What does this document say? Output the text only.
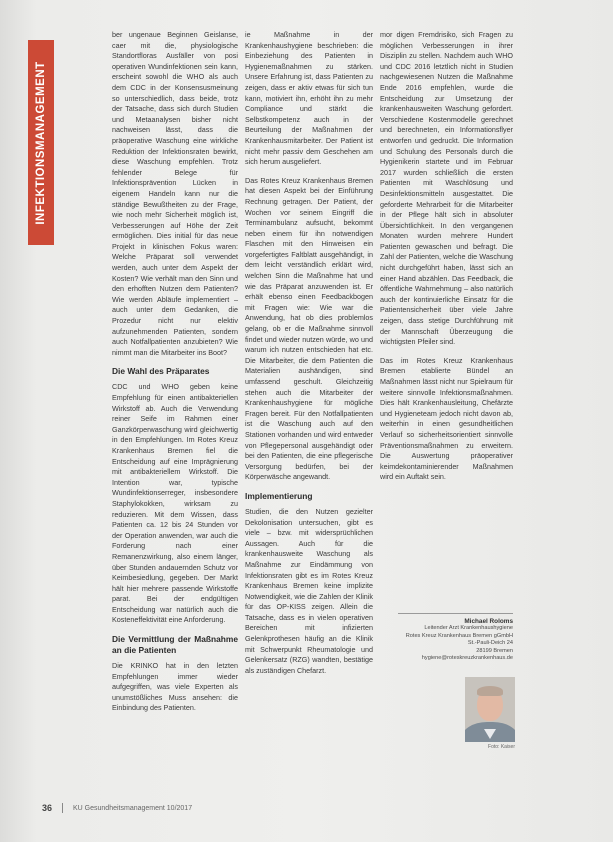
INFEKTIONSMANAGEMENT

ber ungenaue Beginnen Geislanse, caer mit die, physiologische Standortfloras Ausfäller von posi operativen Wundinfektionen sein kann, erscheint sowohl die WHO als auch dem CDC in der Konsensusmeinung so unterschiedlich, dass beide, trotz der Tatsache, dass sich durch Studien und Metaanalysen bisher nicht nachweisen lässt, dass die präoperative Waschung eine wirkliche Reduktion der Infektionsraten bewirkt, diese Waschung empfehlen. Trotz fehlender Belege für Infektionsprävention Lücken in eigenem Handeln kann nur die ständige Bewußtheiten zu der Frage, wie noch mehr Sicherheit möglich ist, Verbesserungen auf Höhe der Zeit ermöglichen. Dies initial für das neue Projekt in klinischen Fokus waren: Welche Präparat soll verwendet werden, auch unter dem Aspekt der Kosten? Wie verhält man den Sinn und den erhofften Nutzen dem Patienten? Wie werden Abläufe implementiert – auch unter dem Gedanken, die Prozedur nicht nur elektiv aufzunehmenden Patienten, sondern auch Notfallpatienten anzubieten? Wie nimmt man die Mitarbeiter ins Boot?

Die Wahl des Präparates

CDC und WHO geben keine Empfehlung für einen antibakteriellen Wirkstoff ab. Auch die Verwendung reiner Seife im Rahmen einer Ganzkörperwaschung wird gleichwertig in den Empfehlungen. Im Rotes Kreuz Krankenhaus Bremen fiel die Entscheidung auf eine Imprägnierung mit antibakteriellem Wirkstoff. Die Intention war, typische Wundinfektionserreger, insbesondere Staphylokokken, wirksam zu reduzieren. Mit dem Wissen, dass Patienten ca. 12 bis 24 Stunden vor der Operation anwenden, war auch die Forderung nach einer Remanenzwirkung, also einem länger, über Stunden andauernden Schutz vor Keimbesiedlung, gegeben. Der Markt hält hier mehrere passende Wirkstoffe parat. Bei der endgültigen Entscheidung war natürlich auch die Kosteneffektivität eine Anforderung.

Die Vermittlung der Maßnahme an die Patienten

Die KRINKO hat in den letzten Empfehlungen immer wieder aufgegriffen, was viele Experten als unumstößliches Muss ansehen: die Einbindung des Patienten.

ie Maßnahme in der Krankenhaushygiene beschrieben: die Einbeziehung des Patienten in Hygienemaßnahmen zu stärken. Unsere Erfahrung ist, dass Patienten zu zeigen, dass er aktiv etwas für sich tun kann, motiviert ihn, erhöht ihn zu mehr Compliance und stärkt die Selbstkompetenz auch in der Beurteilung der Maßnahmen der Krankenhausmitarbeiter. Der Patient ist nicht mehr passiv dem Geschehen am sich herum ausgeliefert.

Das Rotes Kreuz Krankenhaus Bremen hat diesen Aspekt bei der Einführung Rechnung getragen. Der Patient, der Wochen vor seinem Eingriff die Terminambulanz aufsucht, bekommt neben einem für ihn notwendigen Flaschen mit den Hinweisen ein vorgefertigtes Faltblatt ausgehändigt, in dem leicht verständlich erklärt wird, welchen Sinn die Maßnahme hat und wie das Präparat anzuwenden ist. Er erhält ebenso einen Feedbackbogen mit Fragen wie: Wie war die Anwendung, hat ob dies problemlos gelang, ob er die Maßnahme sinnvoll findet und wieder nutzen würde, wo und warum ich nutzen entschieden hat etc. Die Mitarbeiter, die dem Patienten die Materialien aushändigen, sind umfassend geschult. Gleichzeitig stehen auch die Mitarbeiter der Krankenhaushygiene für mögliche Fragen bereit. Für den Notfallpatienten ist die Waschung auch auf den Stationen vorhanden und wird entweder von Pflegepersonal ausgehändigt oder bei den Patienten, die eine pflegerische Versorgung bedürfen, bei der Körperwäsche angewandt.

Implementierung

Studien, die den Nutzen gezielter Dekolonisation untersuchen, gibt es viele – bzw. mit widersprüchlichen Aussagen. Auch für die krankenhausweite Waschung als Maßnahme zur Eindämmung von Infektionsraten gibt es im Rotes Kreuz Krankenhaus Bremen keine implizite Notwendigkeit, wie die Zahlen der Klinik für das OP-KISS zeigen. Allein die Tatsache, dass es in vielen operativen Bereichen mit infizierten Gelenkprothesen häufig an die Klinik mit Schwerpunkt Rheumatologie und Gelenkersatz (RZG) wandten, bestätige als zuständigen Chefarzt.

mor digen Fremdrisiko, sich Fragen zu möglichen Verbesserungen in ihrer Disziplin zu stellen. Nachdem auch WHO und CDC 2016 letztlich nicht in Studien nachgewiesenen Nutzen die Maßnahme Ende 2016 empfehlen, wurde die Entscheidung zur Umsetzung der krankenhausweiten Waschung gefordert. Verschiedene Kostenmodelle gerechnet und berechneten, ein Informationsflyer entworfen und gedruckt. Die Information und Schulung des Personals durch die Hygienikerin startete und im Februar 2017 wurden schließlich die ersten Patienten mit Waschlösung und Desinfektionsmitteln ausgestattet. Die geforderte Mehrarbeit für die Mitarbeiter in der Pflege hält sich in absoluter Übersichtlichkeit. In den vergangenen Monaten wurden mehrere Hundert Patienten gewaschen und befragt. Die Zahl der Patienten, welche die Waschung nicht durchgeführt haben, lässt sich an einer Hand abzählen. Das Feedback, die öffentliche Wahrnehmung – also natürlich auch der kontinuierliche Einsatz für die Patientensicherheit über viele Jahre zeigen, dass stetige Durchführung mit der Mannschaft Überzeugung die wichtigsten Pfeiler sind.

Das im Rotes Kreuz Krankenhaus Bremen etablierte Bündel an Maßnahmen lässt nicht nur Spielraum für weitere sinnvolle Infektionsmaßnahmen. Dies hält Krankenhausleitung, Chefärzte und Hygieneteam jedoch nicht davon ab, weiterhin in einen gesundheitlichen Verlauf so sicherheitsorientiert sinnvolle Präventionsmaßnahmen zu erweitern. Die Auswertung präoperativer keimdekontaminierender Maßnahmen wird ein Auftakt sein.

Michael Roloms
Leitender Arzt Krankenhaushygiene
Rotes Kreuz Krankenhaus Bremen gGmbH
St.-Pauli-Deich 24
28199 Bremen
hygiene@roteskreuzkrankenhaus.de
Foto: Kaiser
36	KU Gesundheitsmanagement 10/2017
